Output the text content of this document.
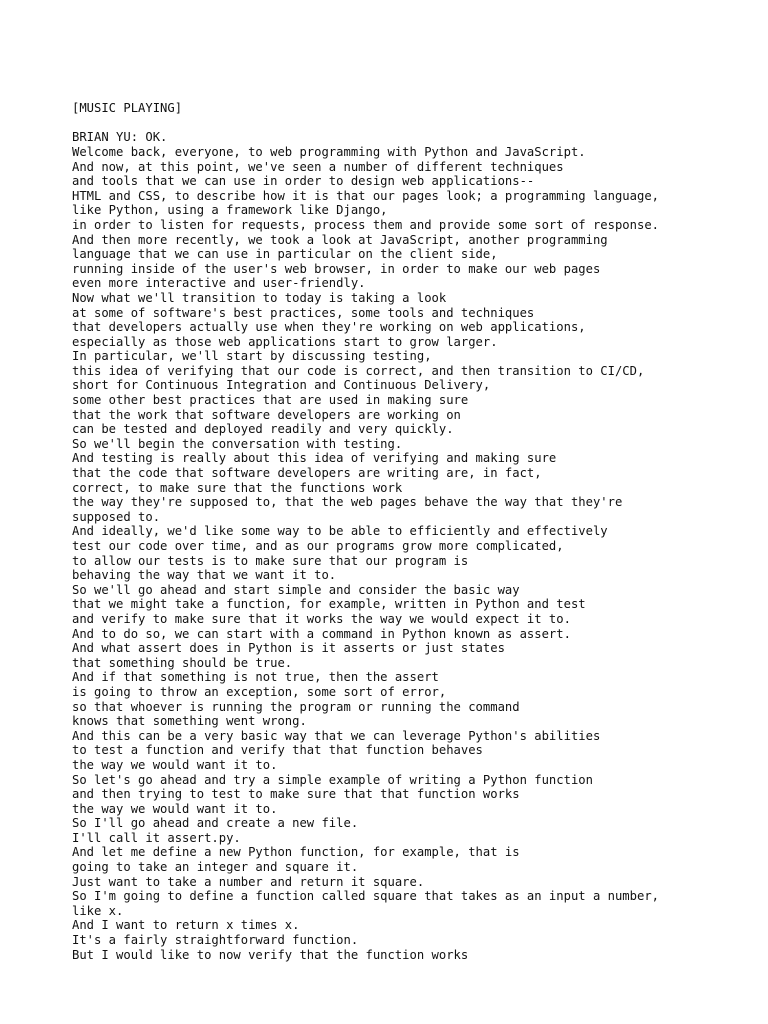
[MUSIC PLAYING]
BRIAN YU: OK.
Welcome back, everyone, to web programming with Python and JavaScript.
And now, at this point, we've seen a number of different techniques
and tools that we can use in order to design web applications--
HTML and CSS, to describe how it is that our pages look; a programming language,
like Python, using a framework like Django,
in order to listen for requests, process them and provide some sort of response.
And then more recently, we took a look at JavaScript, another programming
language that we can use in particular on the client side,
running inside of the user's web browser, in order to make our web pages
even more interactive and user-friendly.
Now what we'll transition to today is taking a look
at some of software's best practices, some tools and techniques
that developers actually use when they're working on web applications,
especially as those web applications start to grow larger.
In particular, we'll start by discussing testing,
this idea of verifying that our code is correct, and then transition to CI/CD,
short for Continuous Integration and Continuous Delivery,
some other best practices that are used in making sure
that the work that software developers are working on
can be tested and deployed readily and very quickly.
So we'll begin the conversation with testing.
And testing is really about this idea of verifying and making sure
that the code that software developers are writing are, in fact,
correct, to make sure that the functions work
the way they're supposed to, that the web pages behave the way that they're
supposed to.
And ideally, we'd like some way to be able to efficiently and effectively
test our code over time, and as our programs grow more complicated,
to allow our tests is to make sure that our program is
behaving the way that we want it to.
So we'll go ahead and start simple and consider the basic way
that we might take a function, for example, written in Python and test
and verify to make sure that it works the way we would expect it to.
And to do so, we can start with a command in Python known as assert.
And what assert does in Python is it asserts or just states
that something should be true.
And if that something is not true, then the assert
is going to throw an exception, some sort of error,
so that whoever is running the program or running the command
knows that something went wrong.
And this can be a very basic way that we can leverage Python's abilities
to test a function and verify that that function behaves
the way we would want it to.
So let's go ahead and try a simple example of writing a Python function
and then trying to test to make sure that that function works
the way we would want it to.
So I'll go ahead and create a new file.
I'll call it assert.py.
And let me define a new Python function, for example, that is
going to take an integer and square it.
Just want to take a number and return it square.
So I'm going to define a function called square that takes as an input a number,
like x.
And I want to return x times x.
It's a fairly straightforward function.
But I would like to now verify that the function works
